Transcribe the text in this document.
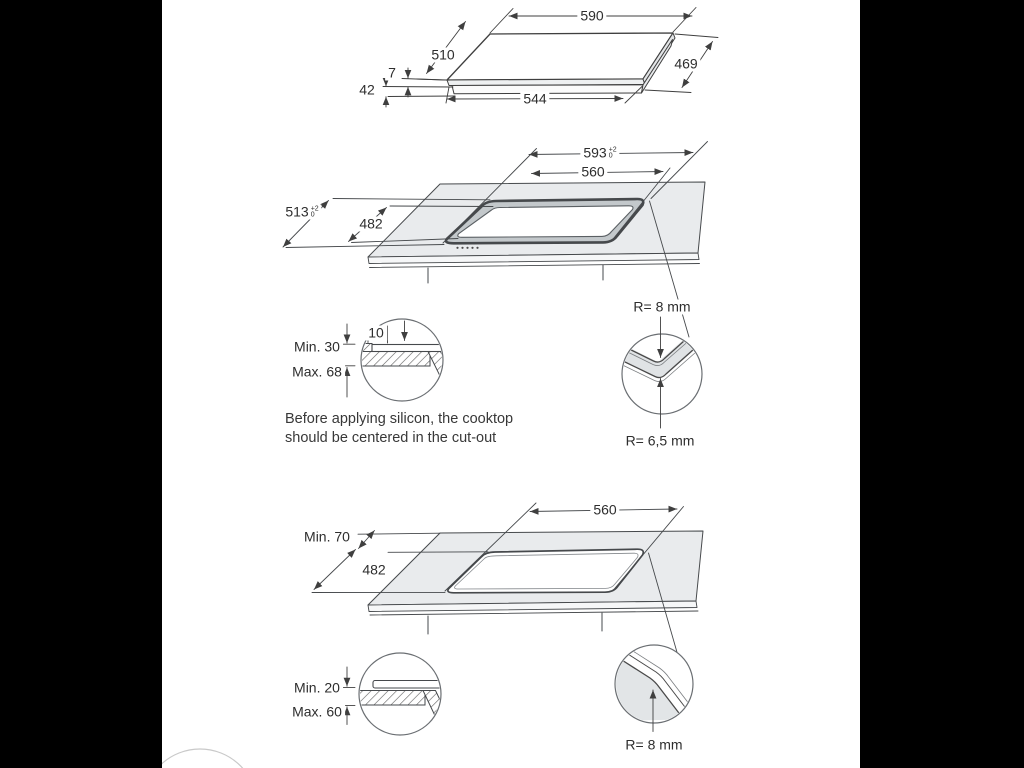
590
510
469
7
42
544
593 +2
0
560
513 +2
0
482
R= 8 mm
10
Min. 30
Max. 68
R= 6,5 mm
Before applying silicon, the cooktop
should be centered in the cut-out
560
Min. 70
482
Min. 20
Max. 60
R= 8 mm
